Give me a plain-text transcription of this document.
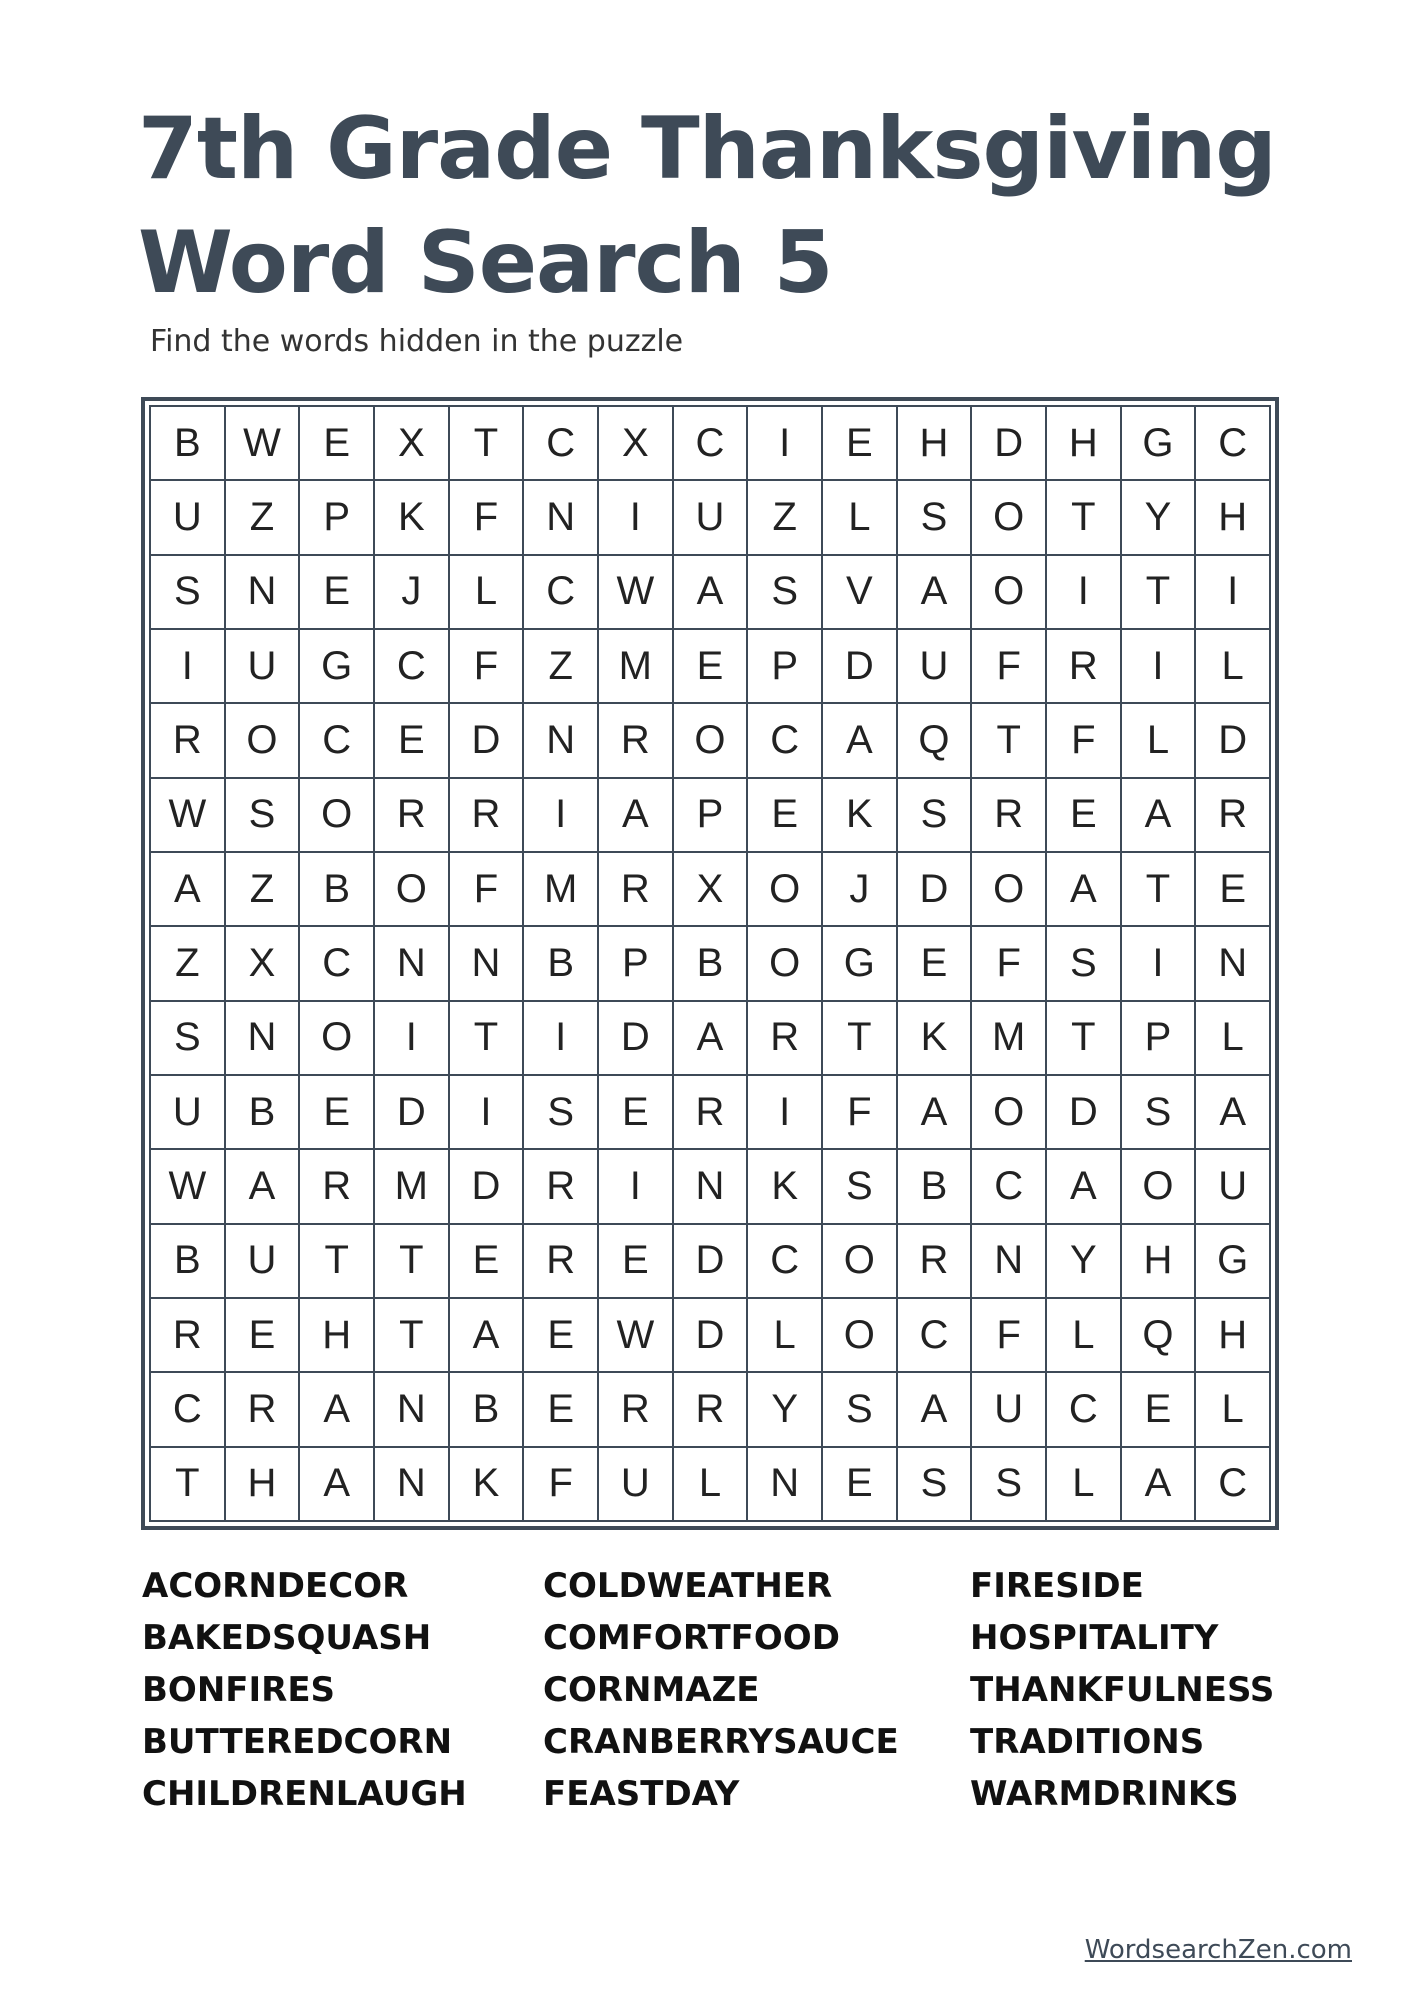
7th Grade Thanksgiving
Word Search 5
Find the words hidden in the puzzle
B	W	E	X	T	C	X	C	I	E	H	D	H	G	C
U	Z	P	K	F	N	I	U	Z	L	S	O	T	Y	H
S	N	E	J	L	C	W	A	S	V	A	O	I	T	I
I	U	G	C	F	Z	M	E	P	D	U	F	R	I	L
R	O	C	E	D	N	R	O	C	A	Q	T	F	L	D
W	S	O	R	R	I	A	P	E	K	S	R	E	A	R
A	Z	B	O	F	M	R	X	O	J	D	O	A	T	E
Z	X	C	N	N	B	P	B	O	G	E	F	S	I	N
S	N	O	I	T	I	D	A	R	T	K	M	T	P	L
U	B	E	D	I	S	E	R	I	F	A	O	D	S	A
W	A	R	M	D	R	I	N	K	S	B	C	A	O	U
B	U	T	T	E	R	E	D	C	O	R	N	Y	H	G
R	E	H	T	A	E	W	D	L	O	C	F	L	Q	H
C	R	A	N	B	E	R	R	Y	S	A	U	C	E	L
T	H	A	N	K	F	U	L	N	E	S	S	L	A	C
ACORNDECOR
BAKEDSQUASH
BONFIRES
BUTTEREDCORN
CHILDRENLAUGH
COLDWEATHER
COMFORTFOOD
CORNMAZE
CRANBERRYSAUCE
FEASTDAY
FIRESIDE
HOSPITALITY
THANKFULNESS
TRADITIONS
WARMDRINKS
WordsearchZen.com
